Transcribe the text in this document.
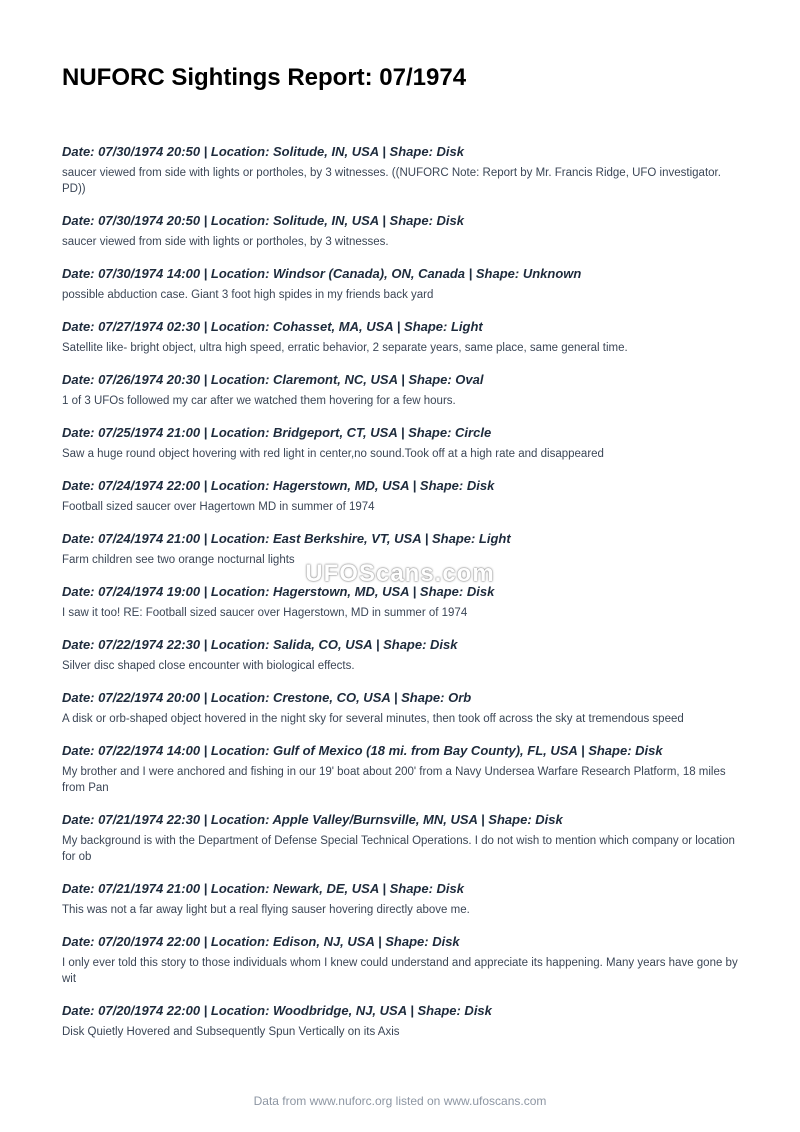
NUFORC Sightings Report: 07/1974
Date: 07/30/1974 20:50 | Location: Solitude, IN, USA | Shape: Disk
saucer viewed from side with lights or portholes, by 3 witnesses. ((NUFORC Note: Report by Mr. Francis Ridge, UFO investigator. PD))
Date: 07/30/1974 20:50 | Location: Solitude, IN, USA | Shape: Disk
saucer viewed from side with lights or portholes, by 3 witnesses.
Date: 07/30/1974 14:00 | Location: Windsor (Canada), ON, Canada | Shape: Unknown
possible abduction case. Giant 3 foot high spides in my friends back yard
Date: 07/27/1974 02:30 | Location: Cohasset, MA, USA | Shape: Light
Satellite like- bright object, ultra high speed, erratic behavior, 2 separate years, same place, same general time.
Date: 07/26/1974 20:30 | Location: Claremont, NC, USA | Shape: Oval
1 of 3 UFOs followed my car after we watched them hovering for a few hours.
Date: 07/25/1974 21:00 | Location: Bridgeport, CT, USA | Shape: Circle
Saw a huge round object hovering with red light in center,no sound.Took off at a high rate and disappeared
Date: 07/24/1974 22:00 | Location: Hagerstown, MD, USA | Shape: Disk
Football sized saucer over Hagertown MD in summer of 1974
Date: 07/24/1974 21:00 | Location: East Berkshire, VT, USA | Shape: Light
Farm children see two orange nocturnal lights
Date: 07/24/1974 19:00 | Location: Hagerstown, MD, USA | Shape: Disk
I saw it too! RE: Football sized saucer over Hagerstown, MD in summer of 1974
Date: 07/22/1974 22:30 | Location: Salida, CO, USA | Shape: Disk
Silver disc shaped close encounter with biological effects.
Date: 07/22/1974 20:00 | Location: Crestone, CO, USA | Shape: Orb
A disk or orb-shaped object hovered in the night sky for several minutes, then took off across the sky at tremendous speed
Date: 07/22/1974 14:00 | Location: Gulf of Mexico (18 mi. from Bay County), FL, USA | Shape: Disk
My brother and I were anchored and fishing in our 19' boat about 200' from a Navy Undersea Warfare Research Platform, 18 miles from Pan
Date: 07/21/1974 22:30 | Location: Apple Valley/Burnsville, MN, USA | Shape: Disk
My background is with the Department of Defense Special Technical Operations. I do not wish to mention which company or location for ob
Date: 07/21/1974 21:00 | Location: Newark, DE, USA | Shape: Disk
This was not a far away light but a real flying sauser hovering directly above me.
Date: 07/20/1974 22:00 | Location: Edison, NJ, USA | Shape: Disk
I only ever told this story to those individuals whom I knew could understand and appreciate its happening. Many years have gone by wit
Date: 07/20/1974 22:00 | Location: Woodbridge, NJ, USA | Shape: Disk
Disk Quietly Hovered and Subsequently Spun Vertically on its Axis
UFOScans.com
Data from www.nuforc.org listed on www.ufoscans.com
